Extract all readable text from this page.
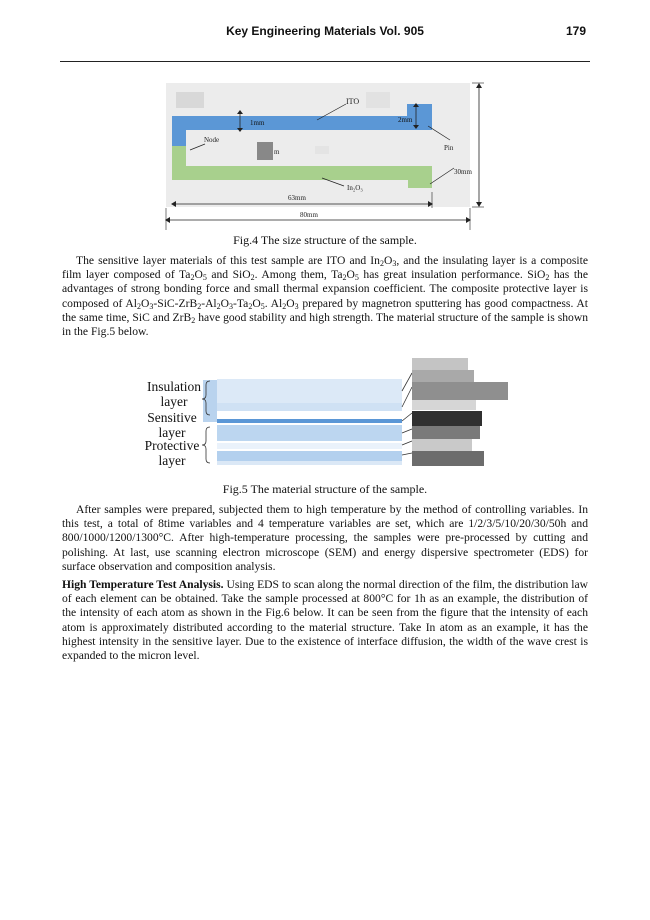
Key Engineering Materials Vol. 905	179
ITO
1mm	2mm
Node
m	Pin
30mm
In₂O₃
63mm
80mm
Fig.4 The size structure of the sample.

The sensitive layer materials of this test sample are ITO and $In_2O_3$, and the insulating layer is a composite film layer composed of $Ta_2O_5$ and SiO$_2$. Among them, $Ta_2O_5$ has great insulation performance. SiO$_2$ has the advantages of strong bonding force and small thermal expansion coefficient. The composite protective layer is composed of $Al_2O_3-SiC-ZrB_2-Al_2O_3-Ta_2O_5$. $Al_2O_3$ prepared by magnetron sputtering has good compactness. At the same time, SiC and ZrB$_2$ have good stability and high strength. The material structure of the sample is shown in the Fig.5 below.

Insulation layer
Sensitive layer
Protective layer
Fig.5 The material structure of the sample.

After samples were prepared, subjected them to high temperature by the method of controlling variables. In this test, a total of 8time variables and 4 temperature variables are set, which are 1/2/3/5/10/20/30/50h and 800/1000/1200/1300°C. After high-temperature processing, the samples were pre-processed by cutting and polishing. At last, use scanning electron microscope (SEM) and energy dispersive spectrometer (EDS) for surface observation and composition analysis.

High Temperature Test Analysis. Using EDS to scan along the normal direction of the film, the distribution law of each element can be obtained. Take the sample processed at 800°C for 1h as an example, the distribution of the intensity of each atom as shown in the Fig.6 below. It can be seen from the figure that the intensity of each atom is approximately distributed according to the material structure. Take In atom as an example, it has the highest intensity in the sensitive layer. Due to the existence of interface diffusion, the width of the wave crest is expanded to the micron level.
